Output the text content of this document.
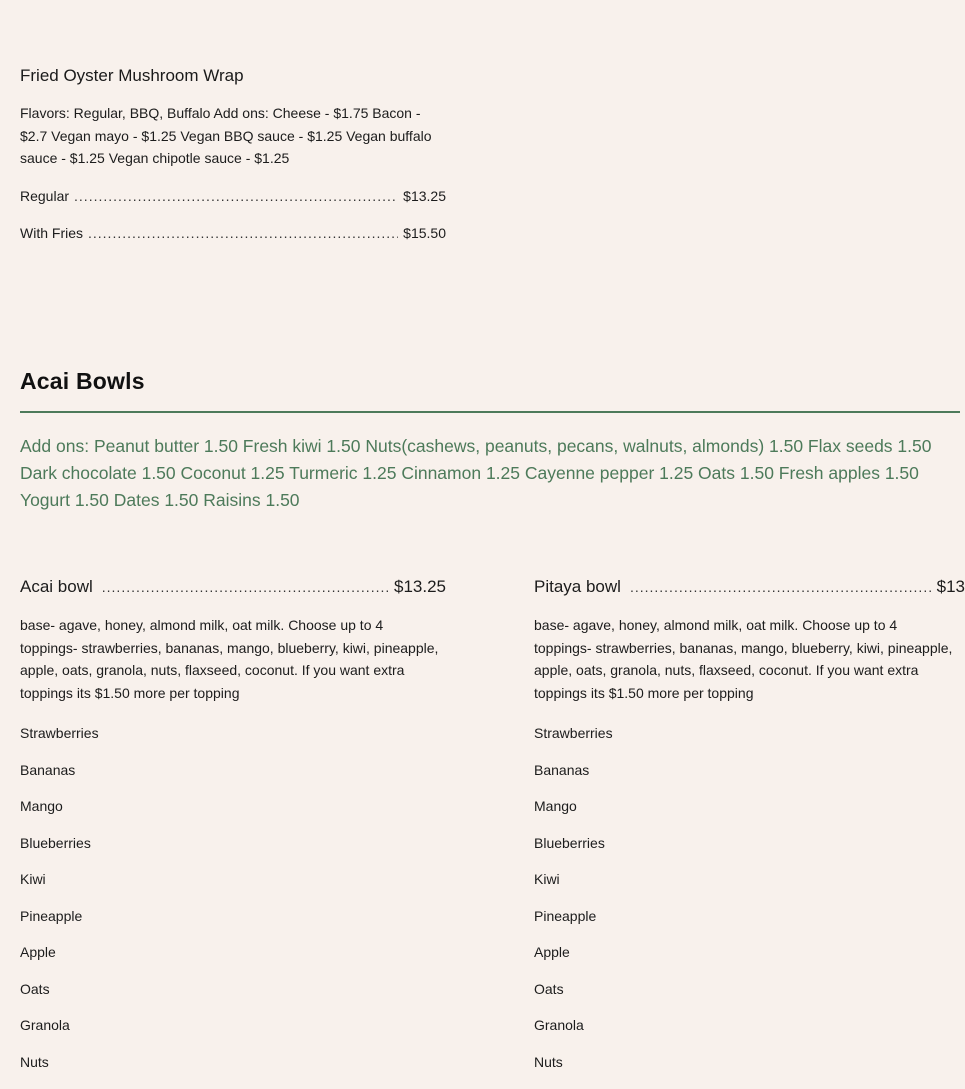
Fried Oyster Mushroom Wrap
Flavors: Regular, BBQ, Buffalo Add ons: Cheese - $1.75 Bacon - $2.7 Vegan mayo - $1.25 Vegan BBQ sauce - $1.25 Vegan buffalo sauce - $1.25 Vegan chipotle sauce - $1.25
Regular .....	$13.25
With Fries .....	$15.50
Acai Bowls
Add ons: Peanut butter 1.50 Fresh kiwi 1.50 Nuts(cashews, peanuts, pecans, walnuts, almonds) 1.50 Flax seeds 1.50 Dark chocolate 1.50 Coconut 1.25 Turmeric 1.25 Cinnamon 1.25 Cayenne pepper 1.25 Oats 1.50 Fresh apples 1.50 Yogurt 1.50 Dates 1.50 Raisins 1.50
Acai bowl .....	$13.25
base- agave, honey, almond milk, oat milk. Choose up to 4 toppings- strawberries, bananas, mango, blueberry, kiwi, pineapple, apple, oats, granola, nuts, flaxseed, coconut. If you want extra toppings its $1.50 more per topping
Strawberries
Bananas
Mango
Blueberries
Kiwi
Pineapple
Apple
Oats
Granola
Nuts
Pitaya bowl .....	$13
base- agave, honey, almond milk, oat milk. Choose up to 4 toppings- strawberries, bananas, mango, blueberry, kiwi, pineapple, apple, oats, granola, nuts, flaxseed, coconut. If you want extra toppings its $1.50 more per topping
Strawberries
Bananas
Mango
Blueberries
Kiwi
Pineapple
Apple
Oats
Granola
Nuts
